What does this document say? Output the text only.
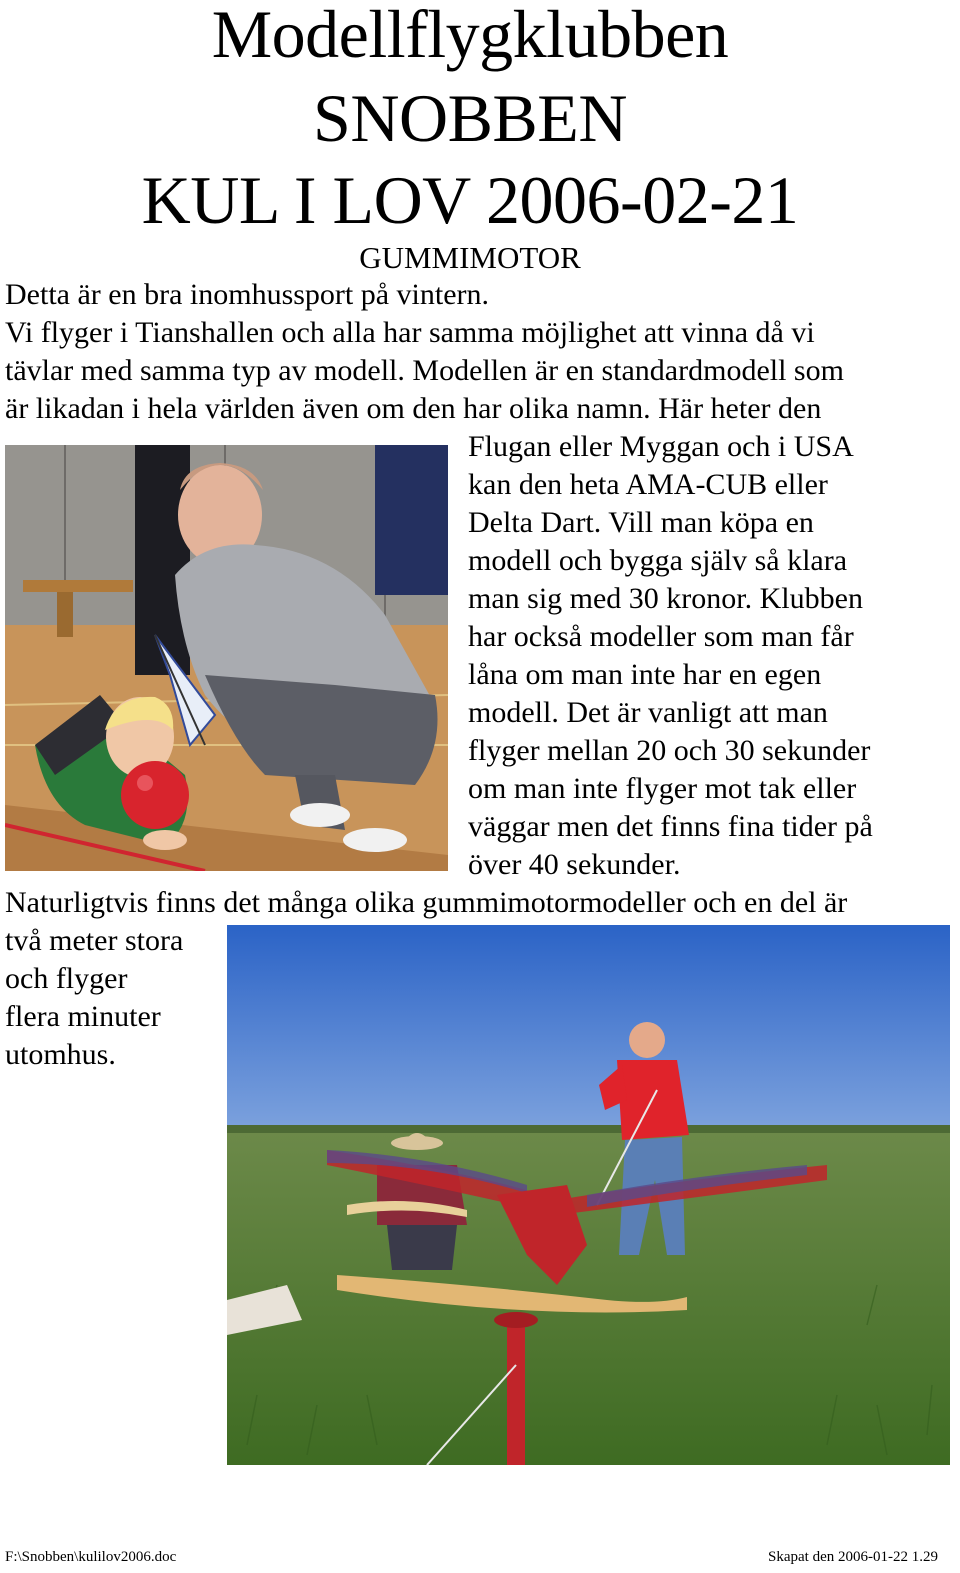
Modellflygklubben
SNOBBEN
KUL I LOV 2006-02-21
GUMMIMOTOR
Detta är en bra inomhussport på vintern.
Vi flyger i Tianshallen och alla har samma möjlighet att vinna då vi
tävlar med samma typ av modell. Modellen är en standardmodell som
är likadan i hela världen även om den har olika namn. Här heter den
Flugan eller Myggan och i USA
kan den heta AMA-CUB eller
Delta Dart. Vill man köpa en
modell och bygga själv så klara
man sig med 30 kronor. Klubben
har också modeller som man får
låna om man inte har en egen
modell. Det är vanligt att man
flyger mellan 20 och 30 sekunder
om man inte flyger mot tak eller
väggar men det finns fina tider på
över 40 sekunder.
Naturligtvis finns det många olika gummimotormodeller och en del är
två meter stora
och flyger
flera minuter
utomhus.
F:\Snobben\kulilov2006.doc	Skapat den 2006-01-22 1.29
